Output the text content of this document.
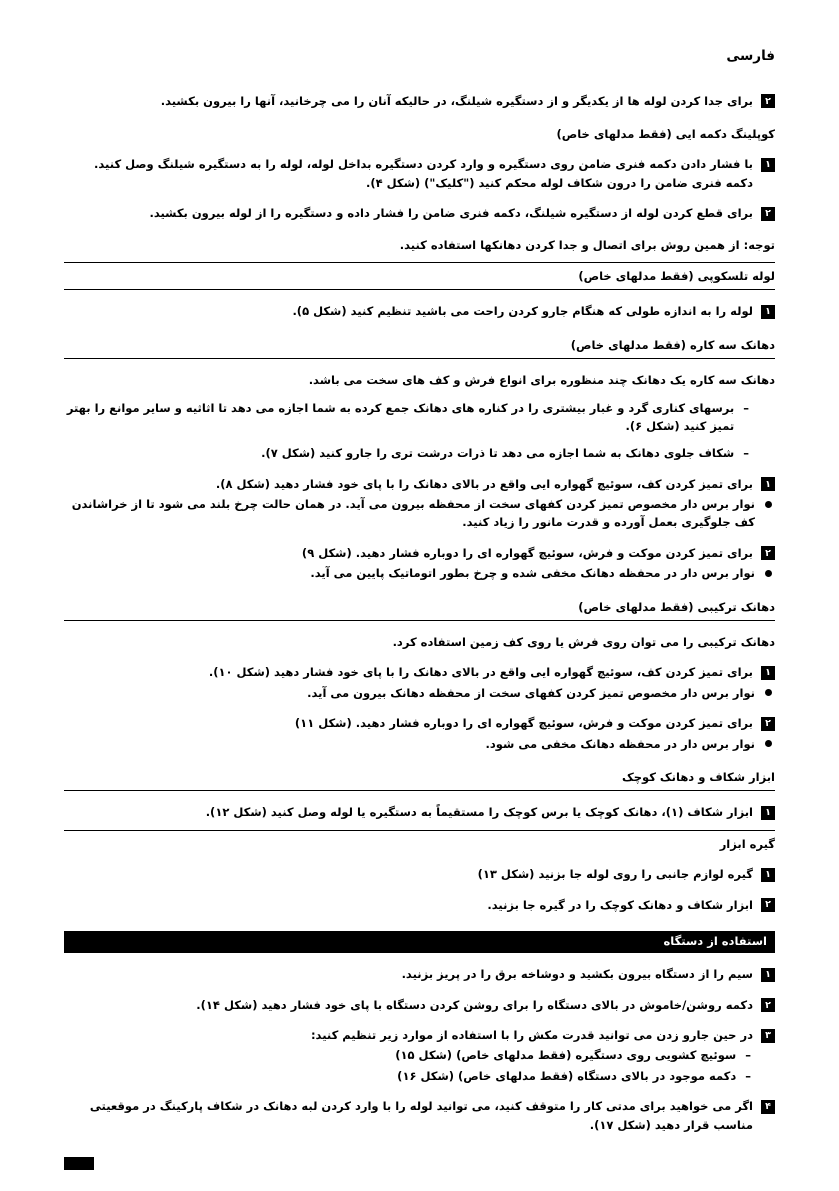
فارسی
۲
برای جدا کردن لوله ها از یکدیگر و از دستگیره شیلنگ، در حالیکه آنان را می چرخانید، آنها را بیرون بکشید.
کوپلینگ دکمه ایی (فقط مدلهای خاص)
۱
با فشار دادن دکمه فنری ضامن روی دستگیره و وارد کردن دستگیره بداخل لوله، لوله را به دستگیره شیلنگ وصل کنید. دکمه فنری ضامن را درون شکاف لوله محکم کنید ("کلیک") (شکل ۴).
۲
برای قطع کردن لوله از دستگیره شیلنگ، دکمه فنری ضامن را فشار داده و دستگیره را از لوله بیرون بکشید.
توجه: از همین روش برای اتصال و جدا کردن دهانکها استفاده کنید.
لوله تلسکوپی (فقط مدلهای خاص)
۱
لوله را به اندازه طولی که هنگام جارو کردن راحت می باشید تنظیم کنید (شکل ۵).
دهانک سه کاره (فقط مدلهای خاص)
دهانک سه کاره یک دهانک چند منظوره برای انواع فرش و کف های سخت می باشد.
–
برسهای کناری گرد و غبار بیشتری را در کناره های دهانک جمع کرده به شما اجازه می دهد تا اثاثیه و سایر موانع را بهتر تمیز کنید (شکل ۶).
–
شکاف جلوی دهانک به شما اجازه می دهد تا ذرات درشت تری را جارو کنید (شکل ۷).
۱
برای تمیز کردن کف، سوئیچ گهواره ایی واقع در بالای دهانک را با پای خود فشار دهید (شکل ۸).
نوار برس دار مخصوص تمیز کردن کفهای سخت از محفظه بیرون می آید. در همان حالت چرخ بلند می شود تا از خراشاندن کف جلوگیری بعمل آورده و قدرت مانور را زیاد کنید.
۲
برای تمیز کردن موکت و فرش، سوئیچ گهواره ای را دوباره فشار دهید. (شکل ۹)
نوار برس دار در محفظه دهانک مخفی شده و چرخ بطور اتوماتیک پایین می آید.
دهانک ترکیبی (فقط مدلهای خاص)
دهانک ترکیبی را می توان روی فرش یا روی کف زمین استفاده کرد.
۱
برای تمیز کردن کف، سوئیچ گهواره ایی واقع در بالای دهانک را با پای خود فشار دهید (شکل ۱۰).
نوار برس دار مخصوص تمیز کردن کفهای سخت از محفظه دهانک بیرون می آید.
۲
برای تمیز کردن موکت و فرش، سوئیچ گهواره ای را دوباره فشار دهید. (شکل ۱۱)
نوار برس دار در محفظه دهانک مخفی می شود.
ابزار شکاف و دهانک کوچک
۱
ابزار شکاف (۱)، دهانک کوچک یا برس کوچک را مستقیماً به دستگیره یا لوله وصل کنید (شکل ۱۲).
گیره ابزار
۱
گیره لوازم جانبی را روی لوله جا بزنید (شکل ۱۳)
۲
ابزار شکاف و دهانک کوچک را در گیره جا بزنید.
استفاده از دستگاه
۱
سیم را از دستگاه بیرون بکشید و دوشاخه برق را در پریز بزنید.
۲
دکمه روشن/خاموش در بالای دستگاه را برای روشن کردن دستگاه با پای خود فشار دهید (شکل ۱۴).
۳
در حین جارو زدن می توانید قدرت مکش را با استفاده از موارد زیر تنظیم کنید:
–
سوئیچ کشویی روی دستگیره (فقط مدلهای خاص) (شکل ۱۵)
–
دکمه موجود در بالای دستگاه (فقط مدلهای خاص) (شکل ۱۶)
۴
اگر می خواهید برای مدتی کار را متوقف کنید، می توانید لوله را با وارد کردن لبه دهانک در شکاف پارکینگ در موقعیتی مناسب قرار دهید (شکل ۱۷).
